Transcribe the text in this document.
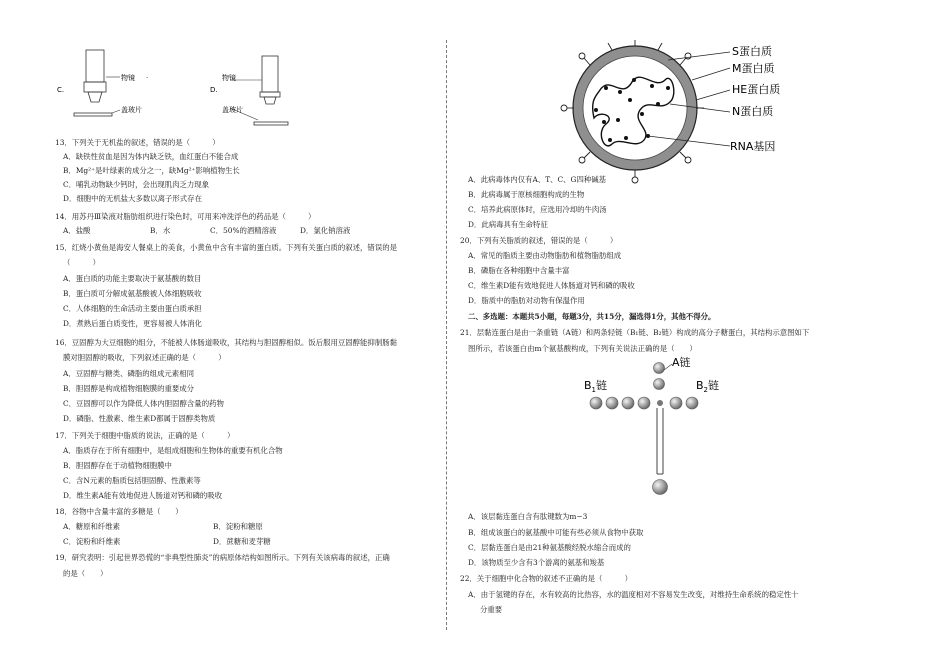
C.
物镜 ·
盖玻片
D.
物镜
盖玻片
13．下列关于无机盐的叙述，错误的是（　　　）
A．缺铁性贫血是因为体内缺乏铁，血红蛋白不能合成
B．Mg²⁺是叶绿素的成分之一，缺Mg²⁺影响植物生长
C．哺乳动物缺少钙时，会出现肌肉乏力现象
D．细胞中的无机盐大多数以离子形式存在
14．用苏丹Ⅲ染液对脂肪组织进行染色时，可用来冲洗浮色的药品是（　　　）
A．盐酸	B．水	C．50%的酒精溶液	D．氯化钠溶液
15．红烧小黄鱼是海安人餐桌上的美食，小黄鱼中含有丰富的蛋白质。下列有关蛋白质的叙述，错误的是
（　　　）
A．蛋白质的功能主要取决于氨基酸的数目
B．蛋白质可分解成氨基酸被人体细胞吸收
C．人体细胞的生命活动主要由蛋白质承担
D．煮熟后蛋白质变性，更容易被人体消化
16．豆固醇为大豆细胞的组分，不能被人体肠道吸收，其结构与胆固醇相似。饭后服用豆固醇能抑制肠黏
膜对胆固醇的吸收，下列叙述正确的是（　　　）
A．豆固醇与糖类、磷脂的组成元素相同
B．胆固醇是构成植物细胞膜的重要成分
C．豆固醇可以作为降低人体内胆固醇含量的药物
D．磷脂、性激素、维生素D都属于固醇类物质
17．下列关于细胞中脂质的说法，正确的是（　　　）
A．脂质存在于所有细胞中，是组成细胞和生物体的重要有机化合物
B．胆固醇存在于动植物细胞膜中
C．含N元素的脂质包括胆固醇、性激素等
D．维生素A能有效地促进人肠道对钙和磷的吸收
18．谷物中含量丰富的多糖是（　　）
A．糖原和纤维素	B．淀粉和糖原
C．淀粉和纤维素	D．蔗糖和麦芽糖
19．研究表明：引起世界恐慌的“非典型性肺炎”的病原体结构如图所示。下列有关该病毒的叙述，正确
的是（　　）
S蛋白质
M蛋白质
HE蛋白质
N蛋白质
RNA基因
A．此病毒体内仅有A、T、C、G四种碱基
B．此病毒属于原核细胞构成的生物
C．培养此病原体时，应选用冷却的牛肉汤
D．此病毒具有生命特征
20．下列有关脂质的叙述，错误的是（　　　）
A．常见的脂质主要由动物脂肪和植物脂肪组成
B．磷脂在各种细胞中含量丰富
C．维生素D能有效地促进人体肠道对钙和磷的吸收
D．脂质中的脂肪对动物有保温作用
二、多选题：本题共5小题，每题3分，共15分，漏选得1分，其他不得分。
21．层黏连蛋白是由一条重链（A链）和两条轻链（B₁链、B₂链）构成的高分子糖蛋白，其结构示意图如下
图所示，若该蛋白由m个氨基酸构成，下列有关说法正确的是（　　）
A链
$B_1$链	$B_2$链
A．该层黏连蛋白含有肽键数为m−3
B．组成该蛋白的氨基酸中可能有些必须从食物中获取
C．层黏连蛋白是由21种氨基酸经脱水缩合而成的
D．该物质至少含有3个游离的氨基和羧基
22．关于细胞中化合物的叙述不正确的是（　　　）
A．由于氢键的存在，水有较高的比热容，水的温度相对不容易发生改变，对维持生命系统的稳定性十
分重要
